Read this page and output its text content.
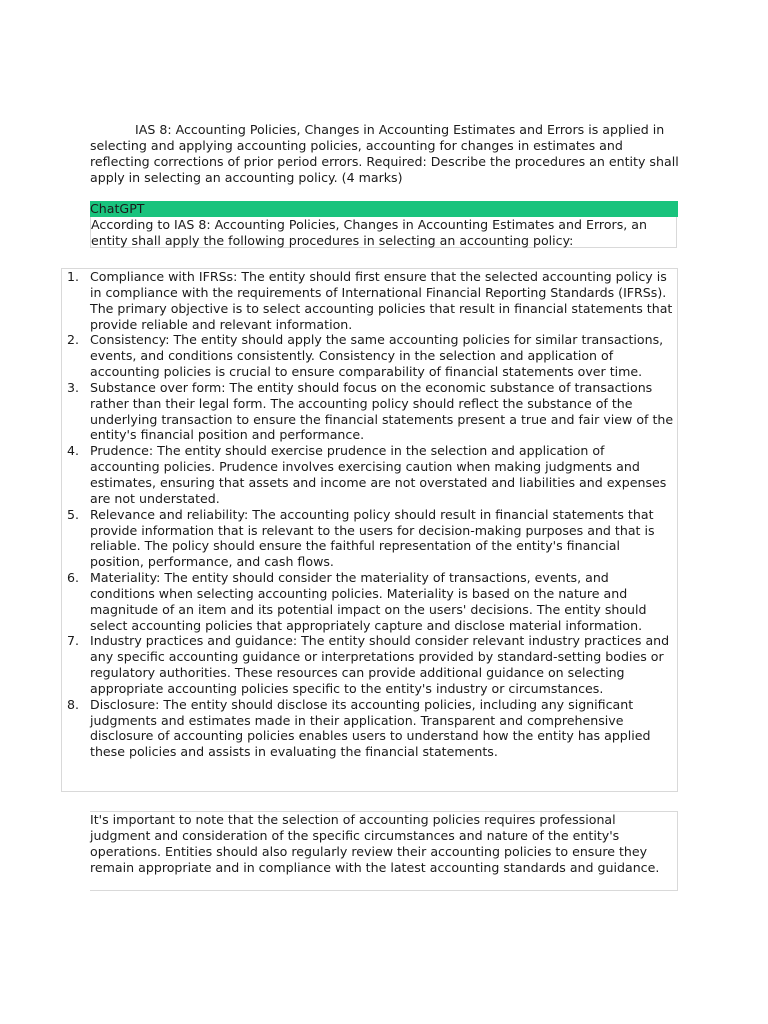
IAS 8: Accounting Policies, Changes in Accounting Estimates and Errors is applied in selecting and applying accounting policies, accounting for changes in estimates and reflecting corrections of prior period errors. Required: Describe the procedures an entity shall apply in selecting an accounting policy. (4 marks)

ChatGPT

According to IAS 8: Accounting Policies, Changes in Accounting Estimates and Errors, an entity shall apply the following procedures in selecting an accounting policy:

1. Compliance with IFRSs: The entity should first ensure that the selected accounting policy is in compliance with the requirements of International Financial Reporting Standards (IFRSs). The primary objective is to select accounting policies that result in financial statements that provide reliable and relevant information.
2. Consistency: The entity should apply the same accounting policies for similar transactions, events, and conditions consistently. Consistency in the selection and application of accounting policies is crucial to ensure comparability of financial statements over time.
3. Substance over form: The entity should focus on the economic substance of transactions rather than their legal form. The accounting policy should reflect the substance of the underlying transaction to ensure the financial statements present a true and fair view of the entity's financial position and performance.
4. Prudence: The entity should exercise prudence in the selection and application of accounting policies. Prudence involves exercising caution when making judgments and estimates, ensuring that assets and income are not overstated and liabilities and expenses are not understated.
5. Relevance and reliability: The accounting policy should result in financial statements that provide information that is relevant to the users for decision-making purposes and that is reliable. The policy should ensure the faithful representation of the entity's financial position, performance, and cash flows.
6. Materiality: The entity should consider the materiality of transactions, events, and conditions when selecting accounting policies. Materiality is based on the nature and magnitude of an item and its potential impact on the users' decisions. The entity should select accounting policies that appropriately capture and disclose material information.
7. Industry practices and guidance: The entity should consider relevant industry practices and any specific accounting guidance or interpretations provided by standard-setting bodies or regulatory authorities. These resources can provide additional guidance on selecting appropriate accounting policies specific to the entity's industry or circumstances.
8. Disclosure: The entity should disclose its accounting policies, including any significant judgments and estimates made in their application. Transparent and comprehensive disclosure of accounting policies enables users to understand how the entity has applied these policies and assists in evaluating the financial statements.

It's important to note that the selection of accounting policies requires professional judgment and consideration of the specific circumstances and nature of the entity's operations. Entities should also regularly review their accounting policies to ensure they remain appropriate and in compliance with the latest accounting standards and guidance.
